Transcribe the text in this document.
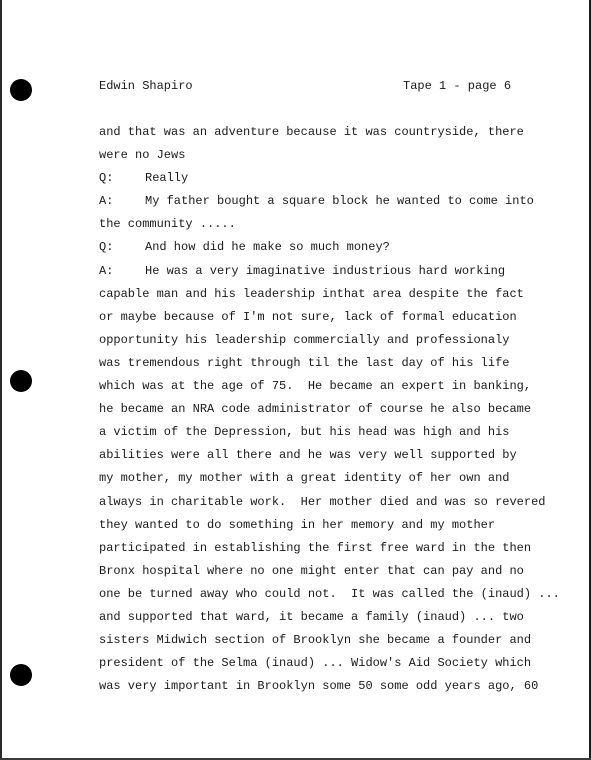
Edwin Shapiro	Tape 1 - page 6
and that was an adventure because it was countryside, there
were no Jews
Q:	Really
A:	My father bought a square block he wanted to come into
the community .....
Q:	And how did he make so much money?
A:	He was a very imaginative industrious hard working
capable man and his leadership inthat area despite the fact
or maybe because of I'm not sure, lack of formal education
opportunity his leadership commercially and professionaly
was tremendous right through til the last day of his life
which was at the age of 75.  He became an expert in banking,
he became an NRA code administrator of course he also became
a victim of the Depression, but his head was high and his
abilities were all there and he was very well supported by
my mother, my mother with a great identity of her own and
always in charitable work.  Her mother died and was so revered
they wanted to do something in her memory and my mother
participated in establishing the first free ward in the then
Bronx hospital where no one might enter that can pay and no
one be turned away who could not.  It was called the (inaud) ...
and supported that ward, it became a family (inaud) ... two
sisters Midwich section of Brooklyn she became a founder and
president of the Selma (inaud) ... Widow's Aid Society which
was very important in Brooklyn some 50 some odd years ago, 60
